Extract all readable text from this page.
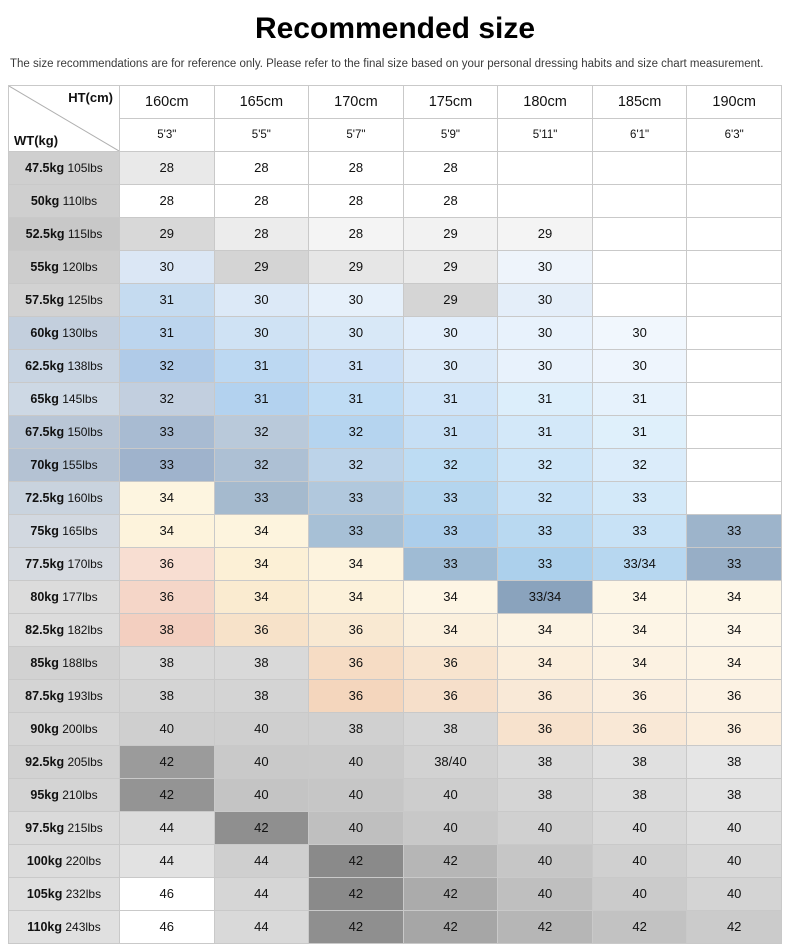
Recommended size
The size recommendations are for reference only. Please refer to the final size based on your personal dressing habits and size chart measurement.
HT(cm)
WT(kg)	160cm	165cm	170cm	175cm	180cm	185cm	190cm
	5'3"	5'5"	5'7"	5'9"	5'11"	6'1"	6'3"
47.5kg 105lbs	28	28	28	28			
50kg 110lbs	28	28	28	28			
52.5kg 115lbs	29	28	28	29	29		
55kg 120lbs	30	29	29	29	30		
57.5kg 125lbs	31	30	30	29	30		
60kg 130lbs	31	30	30	30	30	30	
62.5kg 138lbs	32	31	31	30	30	30	
65kg 145lbs	32	31	31	31	31	31	
67.5kg 150lbs	33	32	32	31	31	31	
70kg 155lbs	33	32	32	32	32	32	
72.5kg 160lbs	34	33	33	33	32	33	
75kg 165lbs	34	34	33	33	33	33	33
77.5kg 170lbs	36	34	34	33	33	33/34	33
80kg 177lbs	36	34	34	34	33/34	34	34
82.5kg 182lbs	38	36	36	34	34	34	34
85kg 188lbs	38	38	36	36	34	34	34
87.5kg 193lbs	38	38	36	36	36	36	36
90kg 200lbs	40	40	38	38	36	36	36
92.5kg 205lbs	42	40	40	38/40	38	38	38
95kg 210lbs	42	40	40	40	38	38	38
97.5kg 215lbs	44	42	40	40	40	40	40
100kg 220lbs	44	44	42	42	40	40	40
105kg 232lbs	46	44	42	42	40	40	40
110kg 243lbs	46	44	42	42	42	42	42
